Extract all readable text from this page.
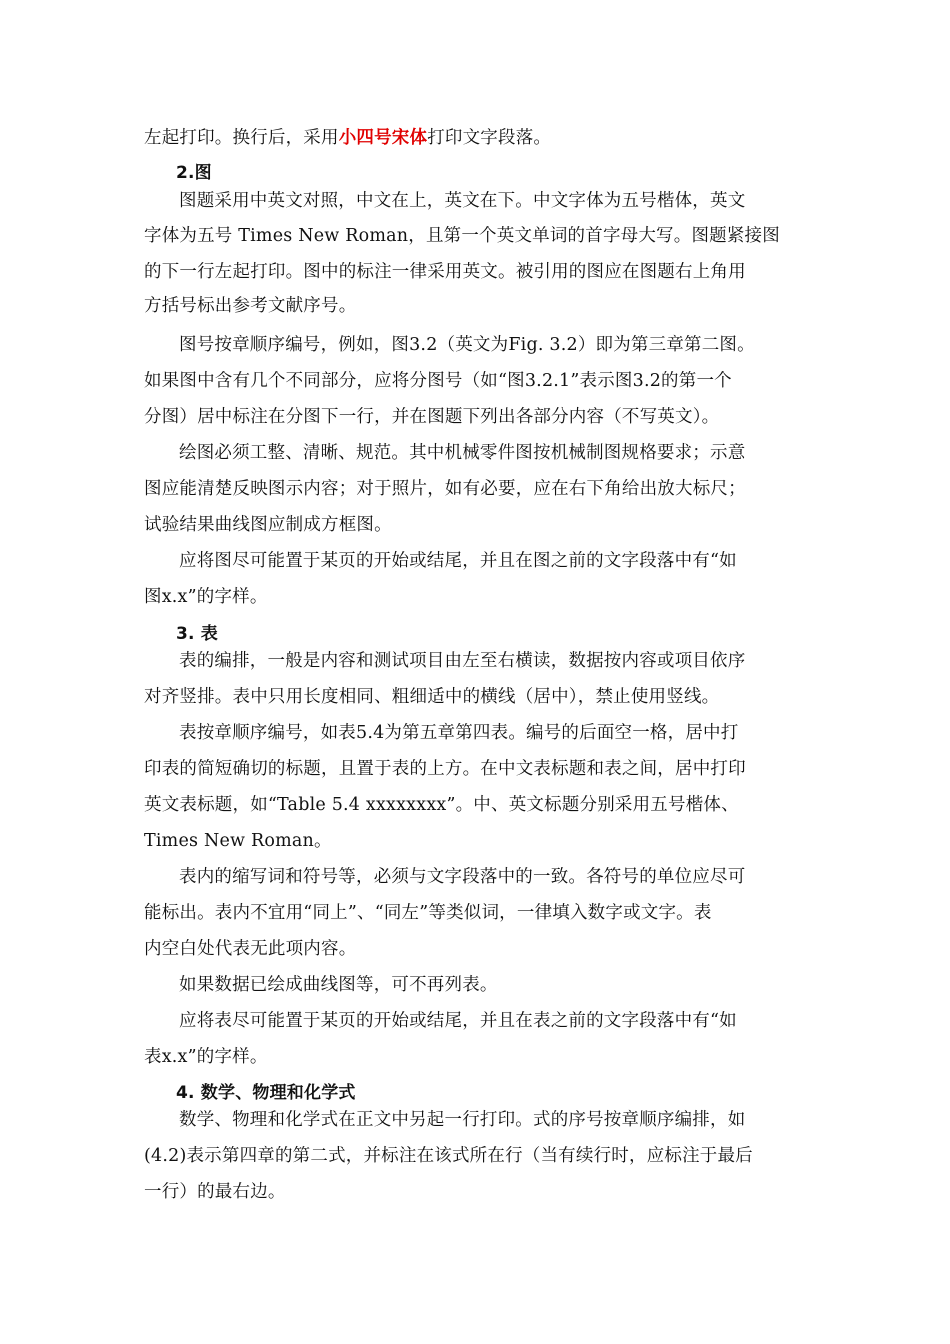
左起打印。换行后，采用小四号宋体打印文字段落。
2.图
图题采用中英文对照，中文在上，英文在下。中文字体为五号楷体，英文
字体为五号 Times New Roman，且第一个英文单词的首字母大写。图题紧接图
的下一行左起打印。图中的标注一律采用英文。被引用的图应在图题右上角用
方括号标出参考文献序号。
图号按章顺序编号，例如，图3.2（英文为Fig. 3.2）即为第三章第二图。
如果图中含有几个不同部分，应将分图号（如“图3.2.1”表示图3.2的第一个
分图）居中标注在分图下一行，并在图题下列出各部分内容（不写英文）。
绘图必须工整、清晰、规范。其中机械零件图按机械制图规格要求；示意
图应能清楚反映图示内容；对于照片，如有必要，应在右下角给出放大标尺；
试验结果曲线图应制成方框图。
应将图尽可能置于某页的开始或结尾，并且在图之前的文字段落中有“如
图x.x”的字样。
3. 表
表的编排，一般是内容和测试项目由左至右横读，数据按内容或项目依序
对齐竖排。表中只用长度相同、粗细适中的横线（居中），禁止使用竖线。
表按章顺序编号，如表5.4为第五章第四表。编号的后面空一格，居中打
印表的简短确切的标题，且置于表的上方。在中文表标题和表之间，居中打印
英文表标题，如“Table 5.4 xxxxxxxx”。中、英文标题分别采用五号楷体、
Times New Roman。
表内的缩写词和符号等，必须与文字段落中的一致。各符号的单位应尽可
能标出。表内不宜用“同上”、“同左”等类似词，一律填入数字或文字。表
内空白处代表无此项内容。
如果数据已绘成曲线图等，可不再列表。
应将表尽可能置于某页的开始或结尾，并且在表之前的文字段落中有“如
表x.x”的字样。
4. 数学、物理和化学式
数学、物理和化学式在正文中另起一行打印。式的序号按章顺序编排，如
(4.2)表示第四章的第二式，并标注在该式所在行（当有续行时，应标注于最后
一行）的最右边。
